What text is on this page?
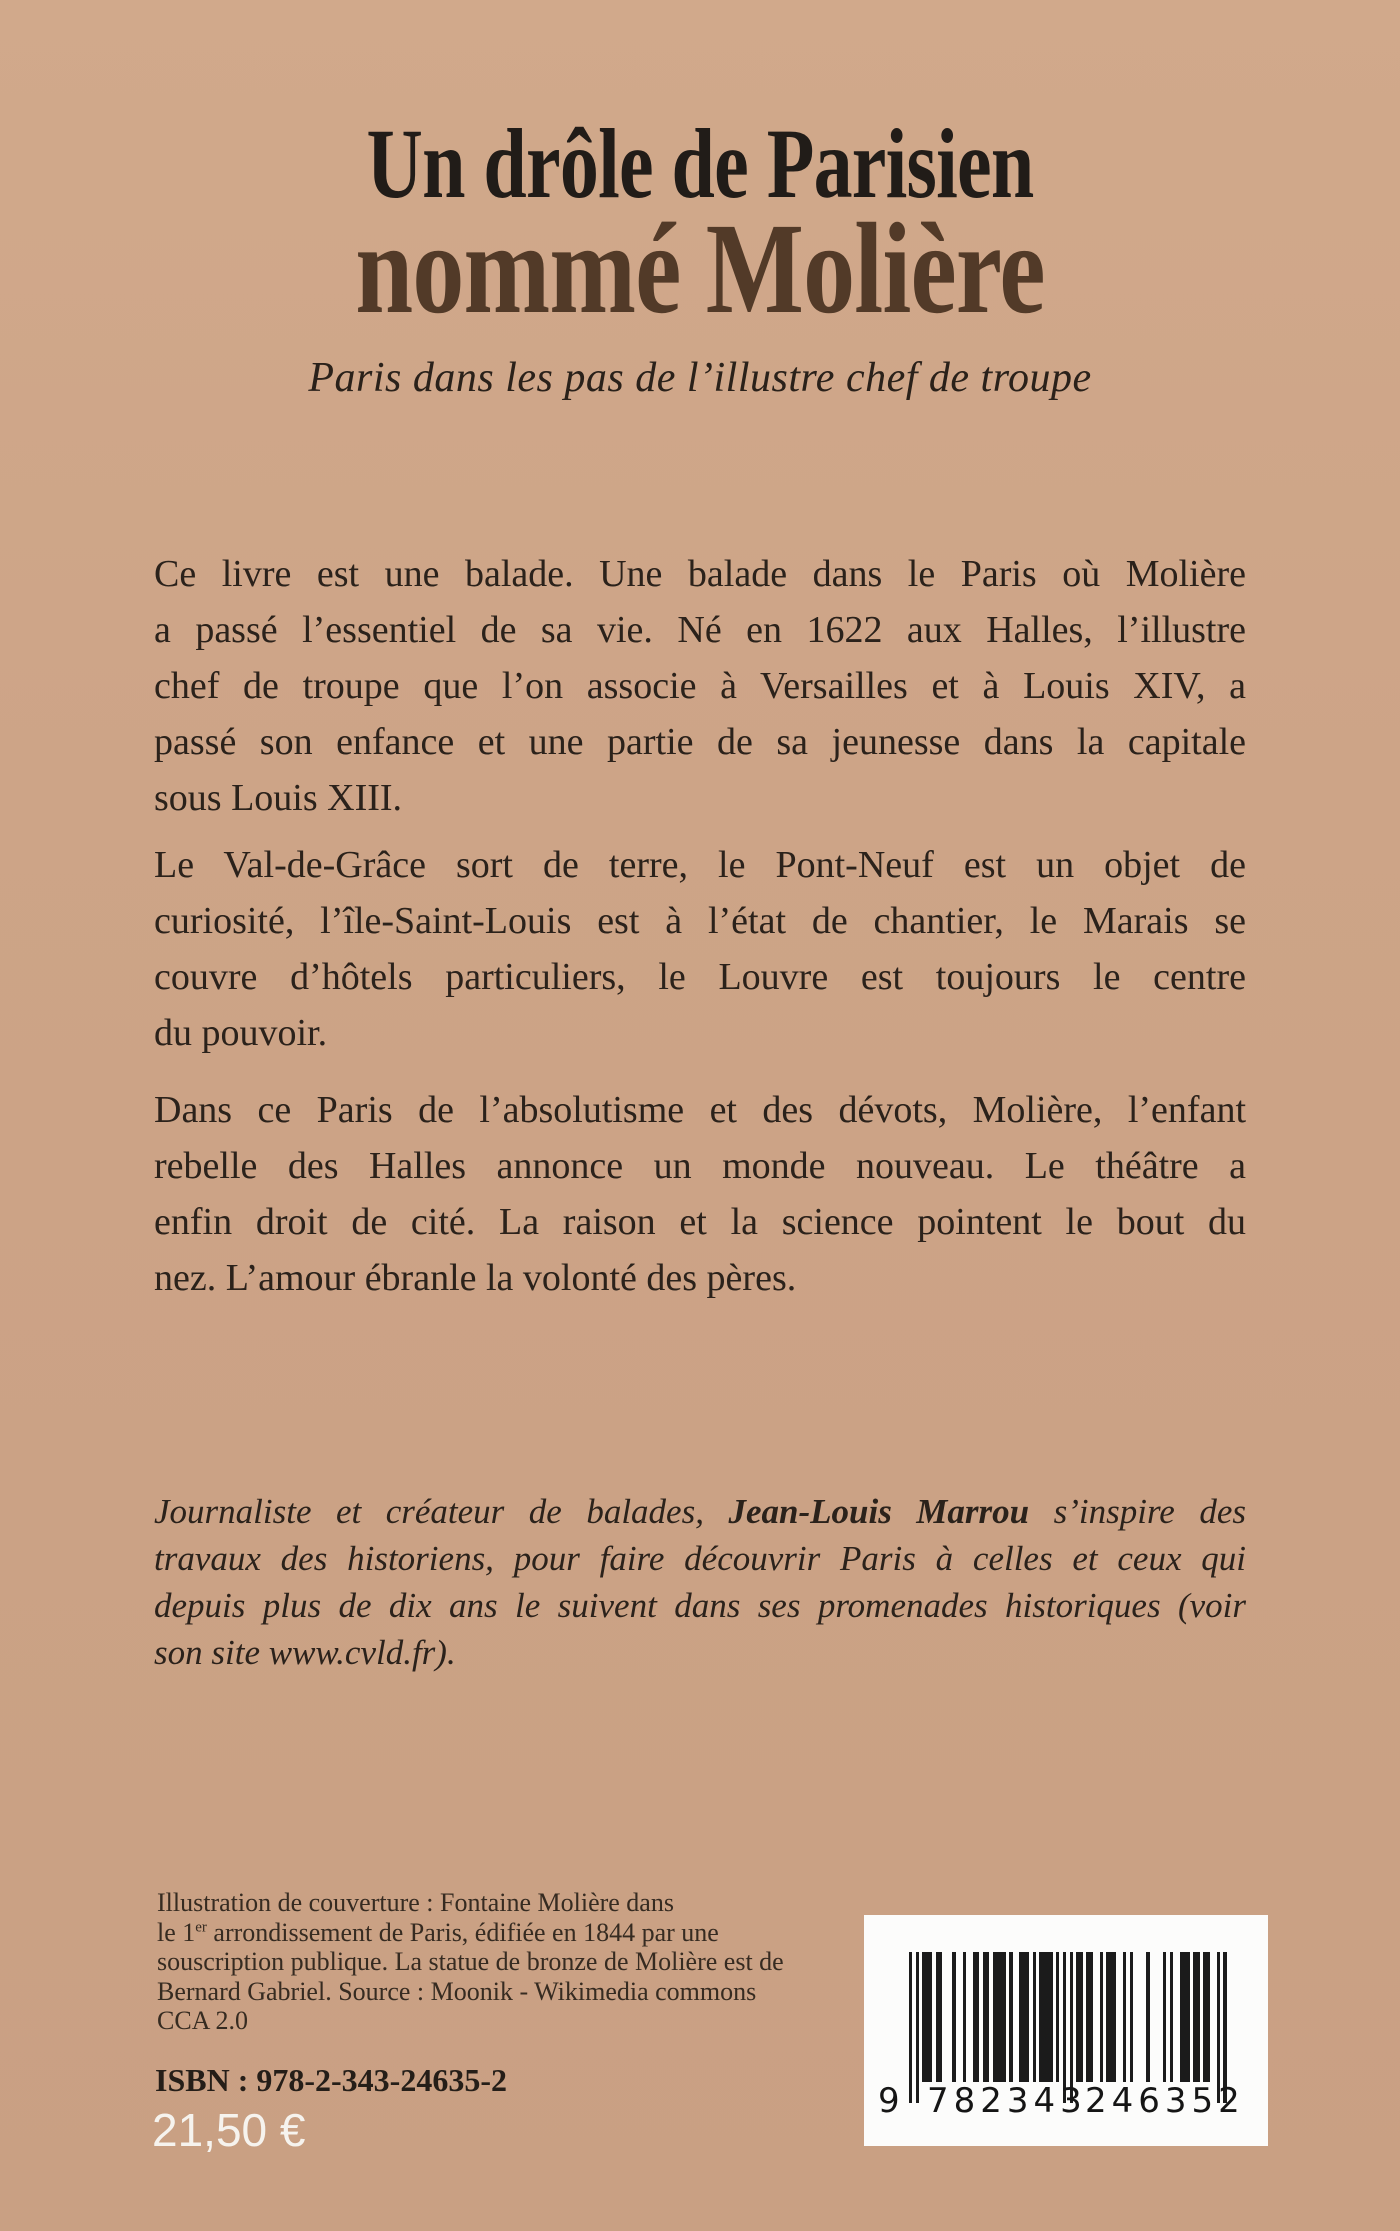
Un drôle de Parisien
nommé Molière
Paris dans les pas de l’illustre chef de troupe
Ce livre est une balade. Une balade dans le Paris où Molière
a passé l’essentiel de sa vie. Né en 1622 aux Halles, l’illustre
chef de troupe que l’on associe à Versailles et à Louis XIV, a
passé son enfance et une partie de sa jeunesse dans la capitale
sous Louis XIII.
Le Val-de-Grâce sort de terre, le Pont-Neuf est un objet de
curiosité, l’île-Saint-Louis est à l’état de chantier, le Marais se
couvre d’hôtels particuliers, le Louvre est toujours le centre
du pouvoir.
Dans ce Paris de l’absolutisme et des dévots, Molière, l’enfant
rebelle des Halles annonce un monde nouveau. Le théâtre a
enfin droit de cité. La raison et la science pointent le bout du
nez. L’amour ébranle la volonté des pères.
Journaliste et créateur de balades, Jean-Louis Marrou s’inspire des
travaux des historiens, pour faire découvrir Paris à celles et ceux qui
depuis plus de dix ans le suivent dans ses promenades historiques (voir
son site www.cvld.fr).
Illustration de couverture : Fontaine Molière dans
le 1er arrondissement de Paris, édifiée en 1844 par une
souscription publique. La statue de bronze de Molière est de
Bernard Gabriel. Source : Moonik - Wikimedia commons
CCA 2.0
ISBN : 978-2-343-24635-2
21,50 €
9 782343
246352
